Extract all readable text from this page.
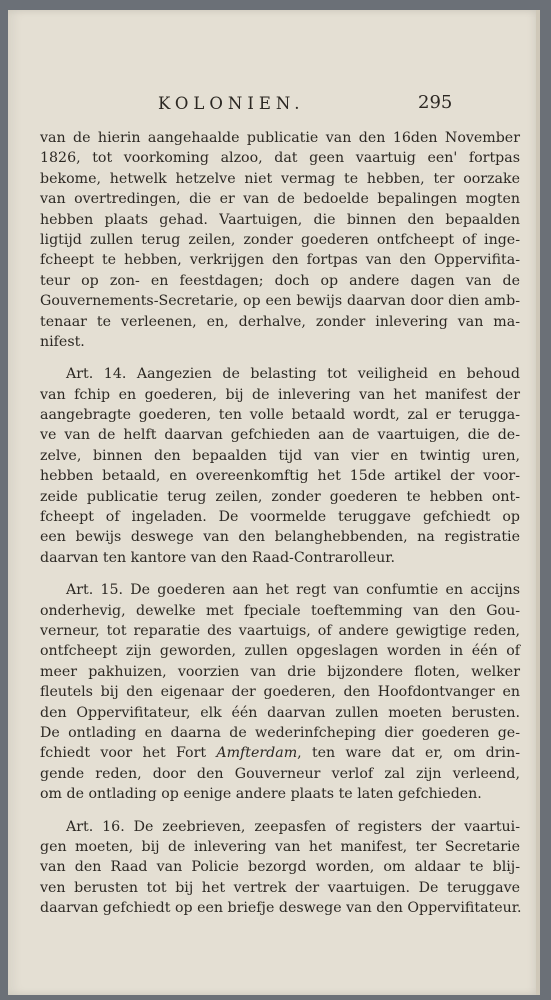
KOLONIEN.	295
van de hierin aangehaalde publicatie van den 16den November
1826, tot voorkoming alzoo, dat geen vaartuig een' fortpas
bekome, hetwelk hetzelve niet vermag te hebben, ter oorzake
van overtredingen, die er van de bedoelde bepalingen mogten
hebben plaats gehad. Vaartuigen, die binnen den bepaalden
ligtijd zullen terug zeilen, zonder goederen ontfcheept of inge-
fcheept te hebben, verkrijgen den fortpas van den Oppervifita-
teur op zon- en feestdagen; doch op andere dagen van de
Gouvernements-Secretarie, op een bewijs daarvan door dien amb-
tenaar te verleenen, en, derhalve, zonder inlevering van ma-
nifest.
Art. 14. Aangezien de belasting tot veiligheid en behoud
van fchip en goederen, bij de inlevering van het manifest der
aangebragte goederen, ten volle betaald wordt, zal er terugga-
ve van de helft daarvan gefchieden aan de vaartuigen, die de-
zelve, binnen den bepaalden tijd van vier en twintig uren,
hebben betaald, en overeenkomftig het 15de artikel der voor-
zeide publicatie terug zeilen, zonder goederen te hebben ont-
fcheept of ingeladen. De voormelde teruggave gefchiedt op
een bewijs deswege van den belanghebbenden, na registratie
daarvan ten kantore van den Raad-Contrarolleur.
Art. 15. De goederen aan het regt van confumtie en accijns
onderhevig, dewelke met fpeciale toeftemming van den Gou-
verneur, tot reparatie des vaartuigs, of andere gewigtige reden,
ontfcheept zijn geworden, zullen opgeslagen worden in één of
meer pakhuizen, voorzien van drie bijzondere floten, welker
fleutels bij den eigenaar der goederen, den Hoofdontvanger en
den Oppervifitateur, elk één daarvan zullen moeten berusten.
De ontlading en daarna de wederinfcheping dier goederen ge-
fchiedt voor het Fort Amfterdam, ten ware dat er, om drin-
gende reden, door den Gouverneur verlof zal zijn verleend,
om de ontlading op eenige andere plaats te laten gefchieden.
Art. 16. De zeebrieven, zeepasfen of registers der vaartui-
gen moeten, bij de inlevering van het manifest, ter Secretarie
van den Raad van Policie bezorgd worden, om aldaar te blij-
ven berusten tot bij het vertrek der vaartuigen. De teruggave
daarvan gefchiedt op een briefje deswege van den Oppervifitateur.
